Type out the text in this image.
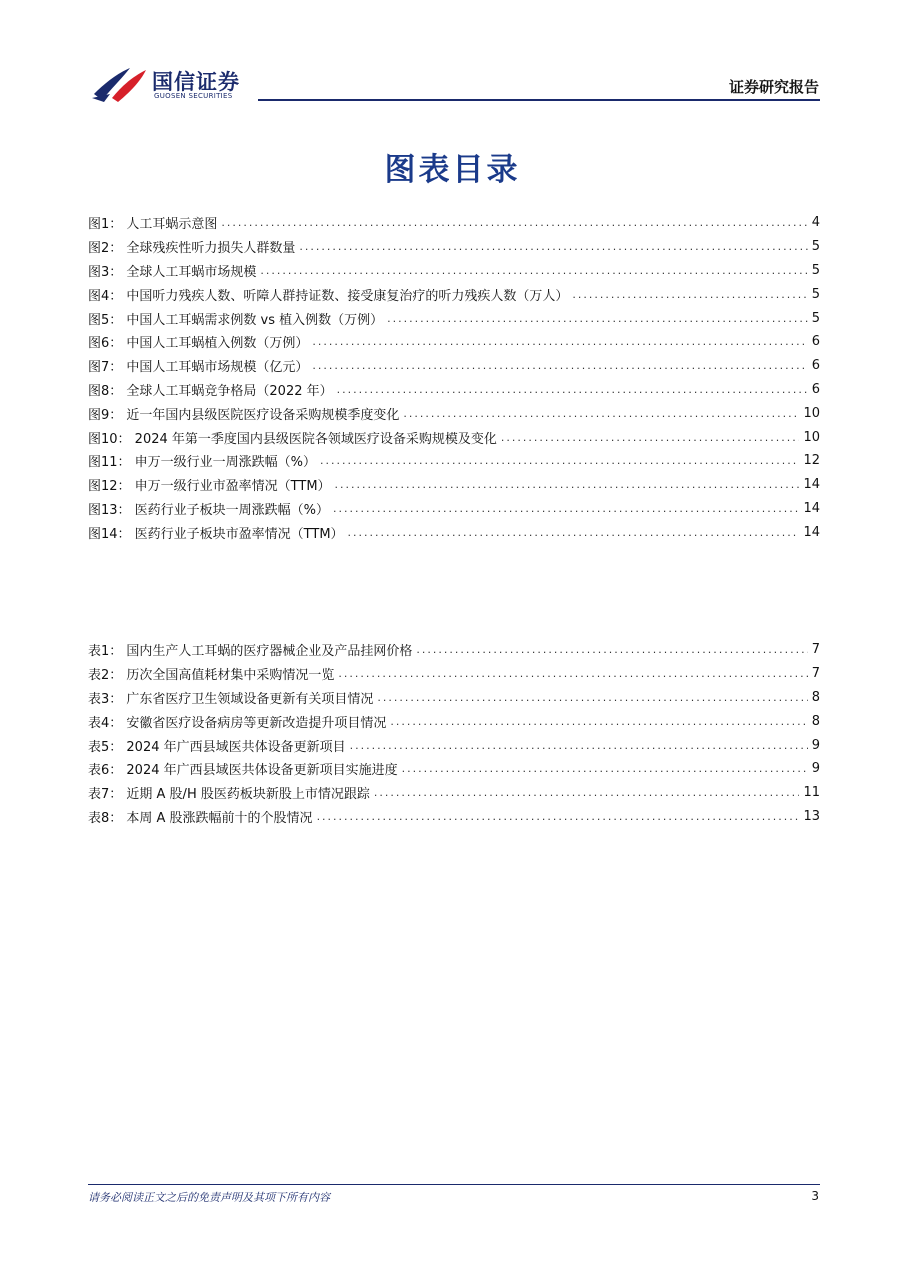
国信证券
GUOSEN SECURITIES	证券研究报告
图表目录
图1： 人工耳蜗示意图 .....	4
图2： 全球残疾性听力损失人群数量 .....	5
图3： 全球人工耳蜗市场规模 .....	5
图4： 中国听力残疾人数、听障人群持证数、接受康复治疗的听力残疾人数（万人） .....	5
图5： 中国人工耳蜗需求例数 vs 植入例数（万例） .....	5
图6： 中国人工耳蜗植入例数（万例） .....	6
图7： 中国人工耳蜗市场规模（亿元） .....	6
图8： 全球人工耳蜗竞争格局（2022 年） .....	6
图9： 近一年国内县级医院医疗设备采购规模季度变化 .....	10
图10： 2024 年第一季度国内县级医院各领域医疗设备采购规模及变化 .....	10
图11： 申万一级行业一周涨跌幅（%） .....	12
图12： 申万一级行业市盈率情况（TTM） .....	14
图13： 医药行业子板块一周涨跌幅（%） .....	14
图14： 医药行业子板块市盈率情况（TTM） .....	14
表1： 国内生产人工耳蜗的医疗器械企业及产品挂网价格 .....	7
表2： 历次全国高值耗材集中采购情况一览 .....	7
表3： 广东省医疗卫生领域设备更新有关项目情况 .....	8
表4： 安徽省医疗设备病房等更新改造提升项目情况 .....	8
表5： 2024 年广西县域医共体设备更新项目 .....	9
表6： 2024 年广西县域医共体设备更新项目实施进度 .....	9
表7： 近期 A 股/H 股医药板块新股上市情况跟踪 .....	11
表8： 本周 A 股涨跌幅前十的个股情况 .....	13
请务必阅读正文之后的免责声明及其项下所有内容	3
